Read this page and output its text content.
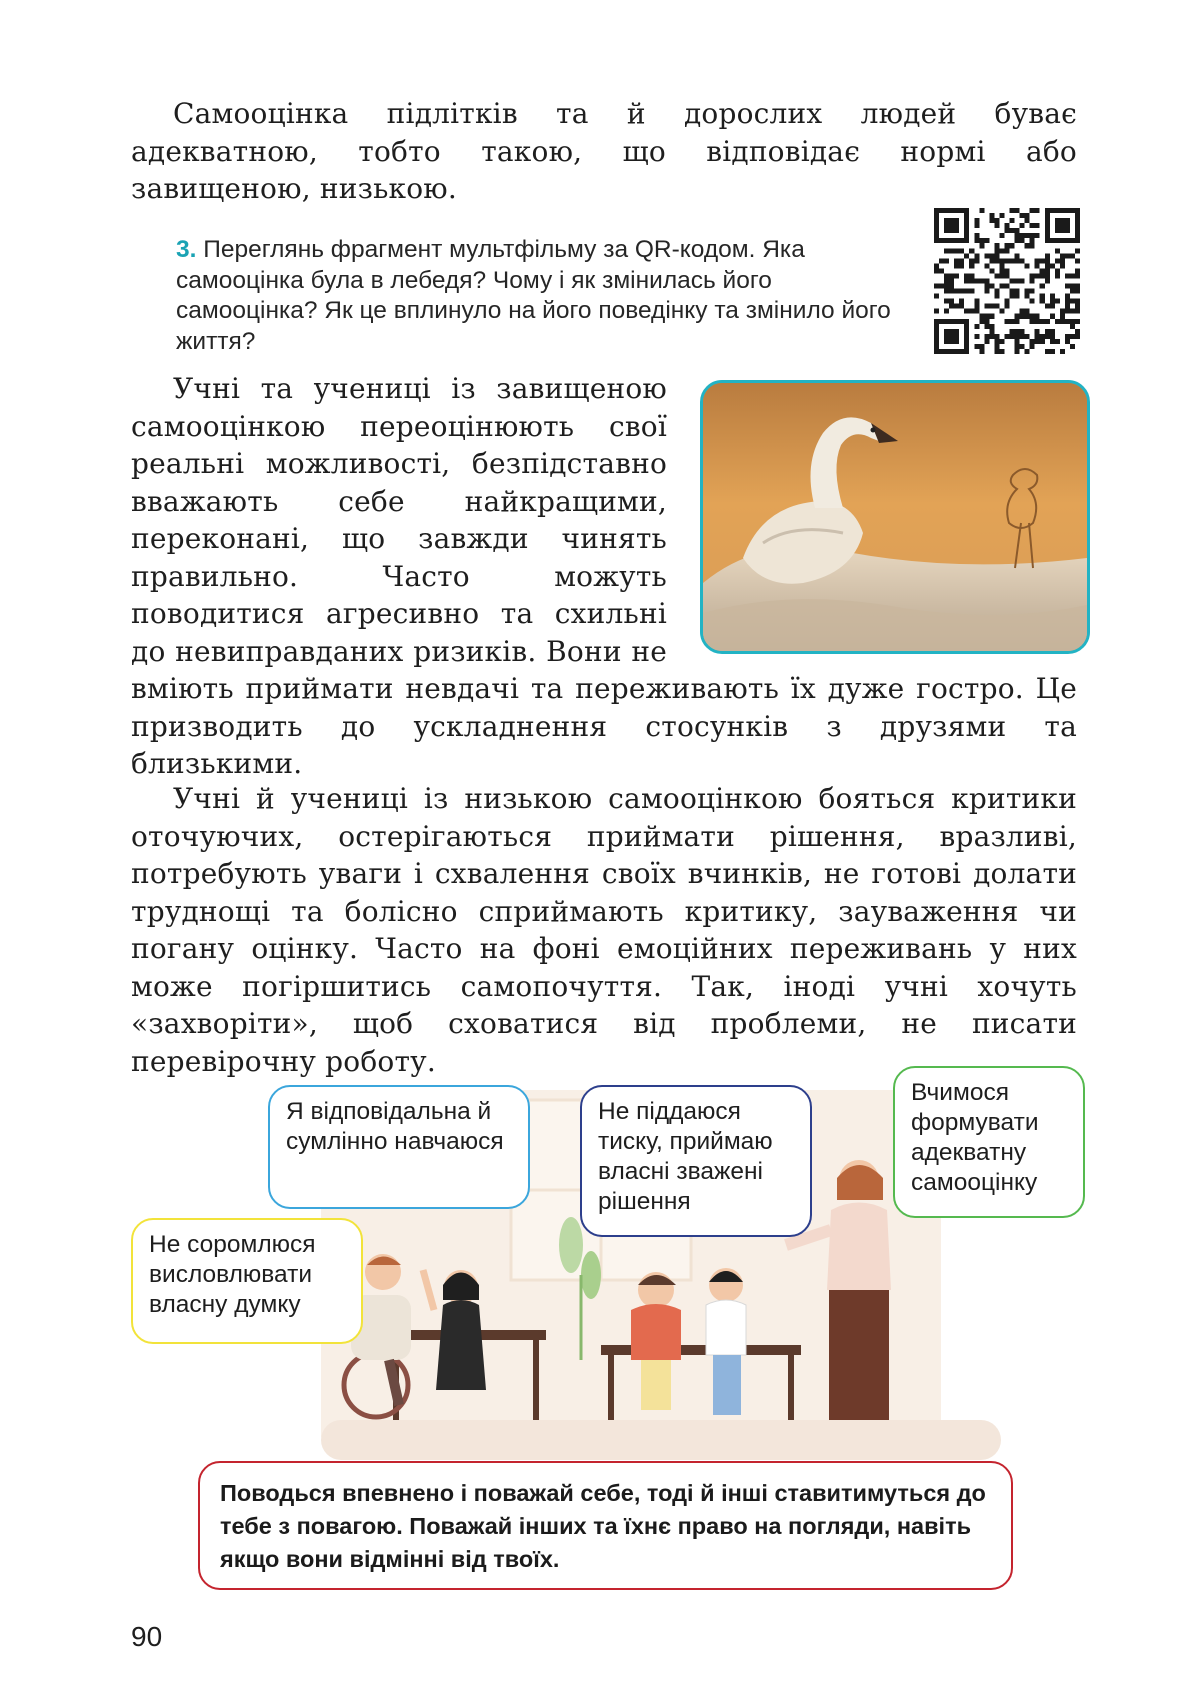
Самооцінка підлітків та й дорослих людей буває адекватною, тобто такою, що відповідає нормі або завищеною, низькою.

3. Переглянь фрагмент мультфільму за QR-кодом. Яка самооцінка була в лебедя? Чому і як змінилась його самооцінка? Як це вплинуло на його поведінку та змінило його життя?

Учні та учениці із завищеною самооцінкою переоцінюють свої реальні можливості, безпідставно вважають себе найкращими, переконані, що завжди чинять правильно. Часто можуть поводитися агресивно та схильні до невиправданих ризиків. Вони не вміють приймати невдачі та переживають їх дуже гостро. Це призводить до ускладнення стосунків з друзями та близькими.

Учні й учениці із низькою самооцінкою бояться критики оточуючих, остерігаються приймати рішення, вразливі, потребують уваги і схвалення своїх вчинків, не готові долати труднощі та болісно сприймають критику, зауваження чи погану оцінку. Часто на фоні емоційних переживань у них може погіршитись самопочуття. Так, іноді учні хочуть «захворіти», щоб сховатися від проблеми, не писати перевірочну роботу.

Я відповідальна й сумлінно навчаюся
Не піддаюся тиску, приймаю власні зважені рішення
Вчимося формувати адекватну самооцінку
Не соромлюся висловлювати власну думку
Поводься впевнено і поважай себе, тоді й інші ставитимуться до тебе з повагою. Поважай інших та їхнє право на погляди, навіть якщо вони відмінні від твоїх.
90
